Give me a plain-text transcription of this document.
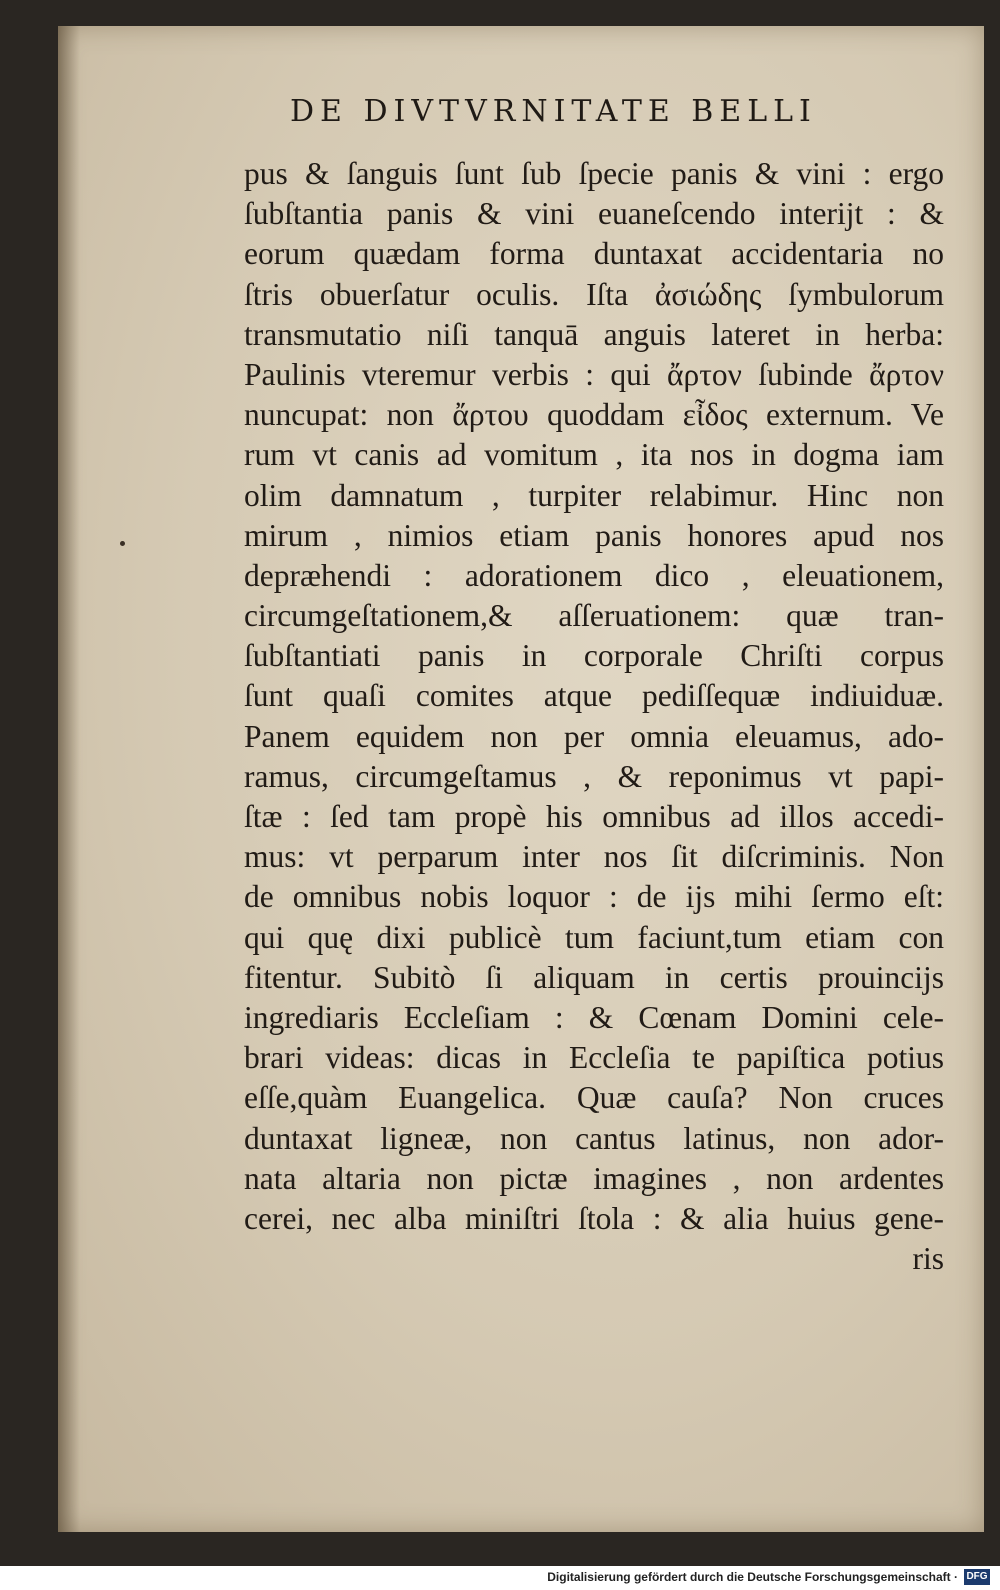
DE DIVTVRNITATE BELLI
pus & ſanguis ſunt ſub ſpecie panis & vini : ergo
ſubſtantia panis & vini euaneſcendo interijt : &
eorum quædam forma duntaxat accidentaria no
ſtris obuerſatur oculis. Iſta ἀσιώδης ſymbulorum
transmutatio niſi tanquā anguis lateret in herba:
Paulinis vteremur verbis : qui ἄρτον ſubinde ἄρτον
nuncupat: non ἄρτου quoddam εἶδος externum. Ve
rum vt canis ad vomitum , ita nos in dogma iam
olim damnatum , turpiter relabimur. Hinc non
mirum , nimios etiam panis honores apud nos
depræhendi : adorationem dico , eleuationem,
circumgeſtationem,& aſſeruationem: quæ tran-
ſubſtantiati panis in corporale Chriſti corpus
ſunt quaſi comites atque pediſſequæ indiuiduæ.
Panem equidem non per omnia eleuamus, ado-
ramus, circumgeſtamus , & reponimus vt papi-
ſtæ : ſed tam propè his omnibus ad illos accedi-
mus: vt perparum inter nos ſit diſcriminis. Non
de omnibus nobis loquor : de ijs mihi ſermo eſt:
qui quę dixi publicè tum faciunt,tum etiam con
fitentur. Subitò ſi aliquam in certis prouincijs
ingrediaris Eccleſiam : & Cœnam Domini cele-
brari videas: dicas in Eccleſia te papiſtica potius
eſſe,quàm Euangelica. Quæ cauſa? Non cruces
duntaxat ligneæ, non cantus latinus, non ador-
nata altaria non pictæ imagines , non ardentes
cerei, nec alba miniſtri ſtola : & alia huius gene-
ris
Digitalisierung gefördert durch die Deutsche Forschungsgemeinschaft · DFG
